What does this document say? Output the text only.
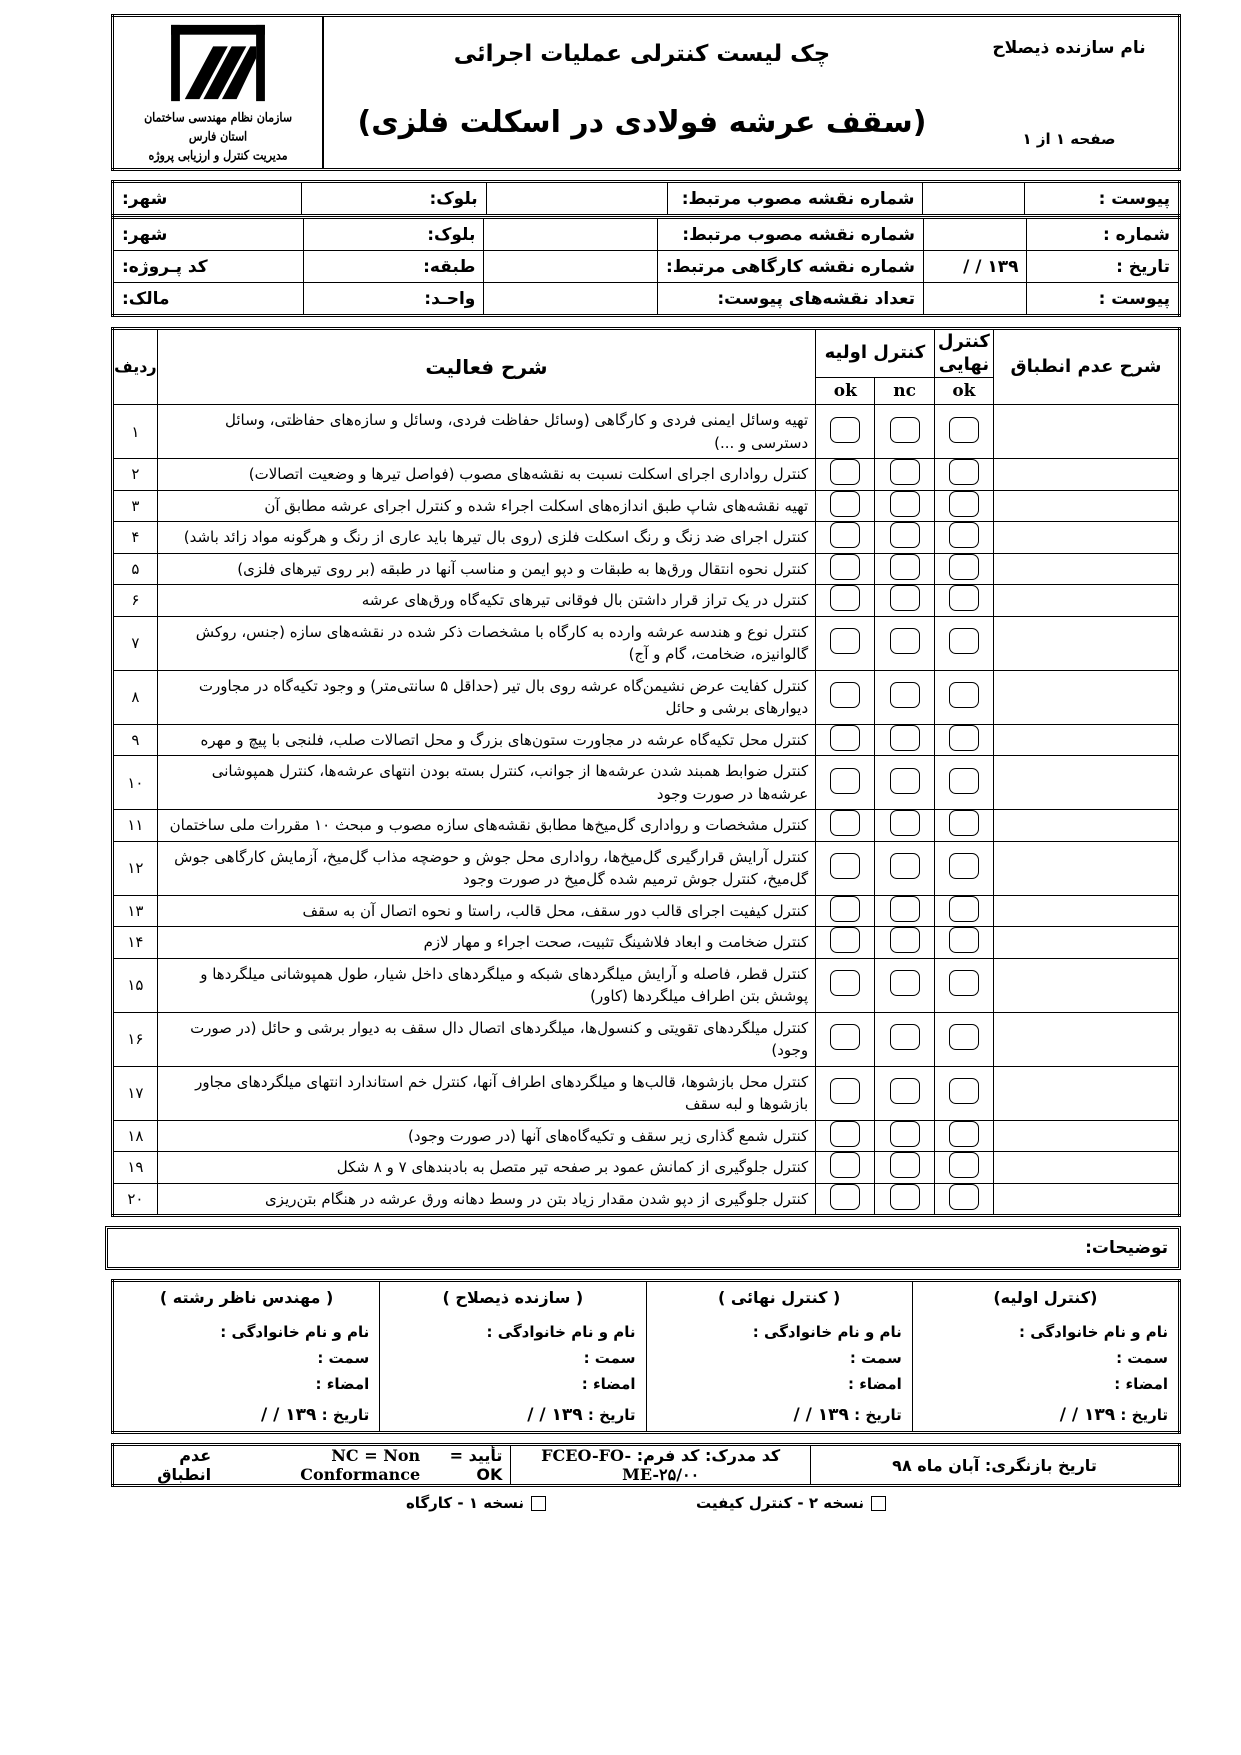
نام سازنده ذیصلاح
صفحه ۱ از ۱

چک لیست کنترلی عملیات اجرائی
(سقف عرشه فولادی در اسکلت فلزی)

سازمان نظام مهندسی ساختمان
استان فارس
مدیریت کنترل و ارزیابی پروژه
پیوست :		شماره نقشه مصوب مرتبط:		بلوک:	شهر:
شماره :		شماره نقشه مصوب مرتبط:		بلوک:	شهر:
تاریخ :	۱۳۹ / /	شماره نقشه کارگاهی مرتبط:		طبقه:	کد پـروژه:
پیوست :		تعداد نقشه‌های پیوست:		واحـد:	مالک:
شرح عدم انطباق	کنترل نهایی	کنترل اولیه		شرح فعالیت	ردیف
	ok	nc	ok		
				تهیه وسائل ایمنی فردی و کارگاهی (وسائل حفاظت فردی، وسائل و سازه‌های حفاظتی، وسائل دسترسی و ...)	۱
				کنترل رواداری اجرای اسکلت نسبت به نقشه‌های مصوب (فواصل تیرها و وضعیت اتصالات)	۲
				تهیه نقشه‌های شاپ طبق اندازه‌های اسکلت اجراء شده و کنترل اجرای عرشه مطابق آن	۳
				کنترل اجرای ضد زنگ و رنگ اسکلت فلزی (روی بال تیرها باید عاری از رنگ و هرگونه مواد زائد باشد)	۴
				کنترل نحوه انتقال ورق‌ها به طبقات و دپو ایمن و مناسب آنها در طبقه (بر روی تیرهای فلزی)	۵
				کنترل در یک تراز قرار داشتن بال فوقانی تیرهای تکیه‌گاه ورق‌های عرشه	۶
				کنترل نوع و هندسه عرشه وارده به کارگاه با مشخصات ذکر شده در نقشه‌های سازه (جنس، روکش گالوانیزه، ضخامت، گام و آج)	۷
				کنترل کفایت عرض نشیمن‌گاه عرشه روی بال تیر (حداقل ۵ سانتی‌متر) و وجود تکیه‌گاه در مجاورت دیوارهای برشی و حائل	۸
				کنترل محل تکیه‌گاه عرشه در مجاورت ستون‌های بزرگ و محل اتصالات صلب، فلنجی با پیچ و مهره	۹
				کنترل ضوابط همبند شدن عرشه‌ها از جوانب، کنترل بسته بودن انتهای عرشه‌ها، کنترل همپوشانی عرشه‌ها در صورت وجود	۱۰
				کنترل مشخصات و رواداری گل‌میخ‌ها مطابق نقشه‌های سازه مصوب و مبحث ۱۰ مقررات ملی ساختمان	۱۱
				کنترل آرایش قرارگیری گل‌میخ‌ها، رواداری محل جوش و حوضچه مذاب گل‌میخ، آزمایش کارگاهی جوش گل‌میخ، کنترل جوش ترمیم شده گل‌میخ در صورت وجود	۱۲
				کنترل کیفیت اجرای قالب دور سقف، محل قالب، راستا و نحوه اتصال آن به سقف	۱۳
				کنترل ضخامت و ابعاد فلاشینگ تثبیت، صحت اجراء و مهار لازم	۱۴
				کنترل قطر، فاصله و آرایش میلگردهای شبکه و میلگردهای داخل شیار، طول همپوشانی میلگردها و پوشش بتن اطراف میلگردها (کاور)	۱۵
				کنترل میلگردهای تقویتی و کنسول‌ها، میلگردهای اتصال دال سقف به دیوار برشی و حائل (در صورت وجود)	۱۶
				کنترل محل بازشوها، قالب‌ها و میلگردهای اطراف آنها، کنترل خم استاندارد انتهای میلگردهای مجاور بازشوها و لبه سقف	۱۷
				کنترل شمع گذاری زیر سقف و تکیه‌گاه‌های آنها (در صورت وجود)	۱۸
				کنترل جلوگیری از کمانش عمود بر صفحه تیر متصل به بادبندهای ۷ و ۸ شکل	۱۹
				کنترل جلوگیری از دپو شدن مقدار زیاد بتن در وسط دهانه ورق عرشه در هنگام بتن‌ریزی	۲۰
توضیحات:
(کنترل اولیه)
نام و نام خانوادگی :
سمت :
امضاء :
تاریخ : ۱۳۹ / /

( کنترل نهائی )
نام و نام خانوادگی :
سمت :
امضاء :
تاریخ : ۱۳۹ / /

( سازنده ذیصلاح )
نام و نام خانوادگی :
سمت :
امضاء :
تاریخ : ۱۳۹ / /

( مهندس ناظر رشته )
نام و نام خانوادگی :
سمت :
امضاء :
تاریخ : ۱۳۹ / /
تاریخ بازنگری: آبان ماه ۹۸	کد مدرک: کد فرم: FCEO-FO-ME-۲۵/۰۰	
تأیید = OK
NC = Non Conformance
عدم انطباق
نسخه ۲ - کنترل کیفیت
نسخه ۱ - کارگاه
